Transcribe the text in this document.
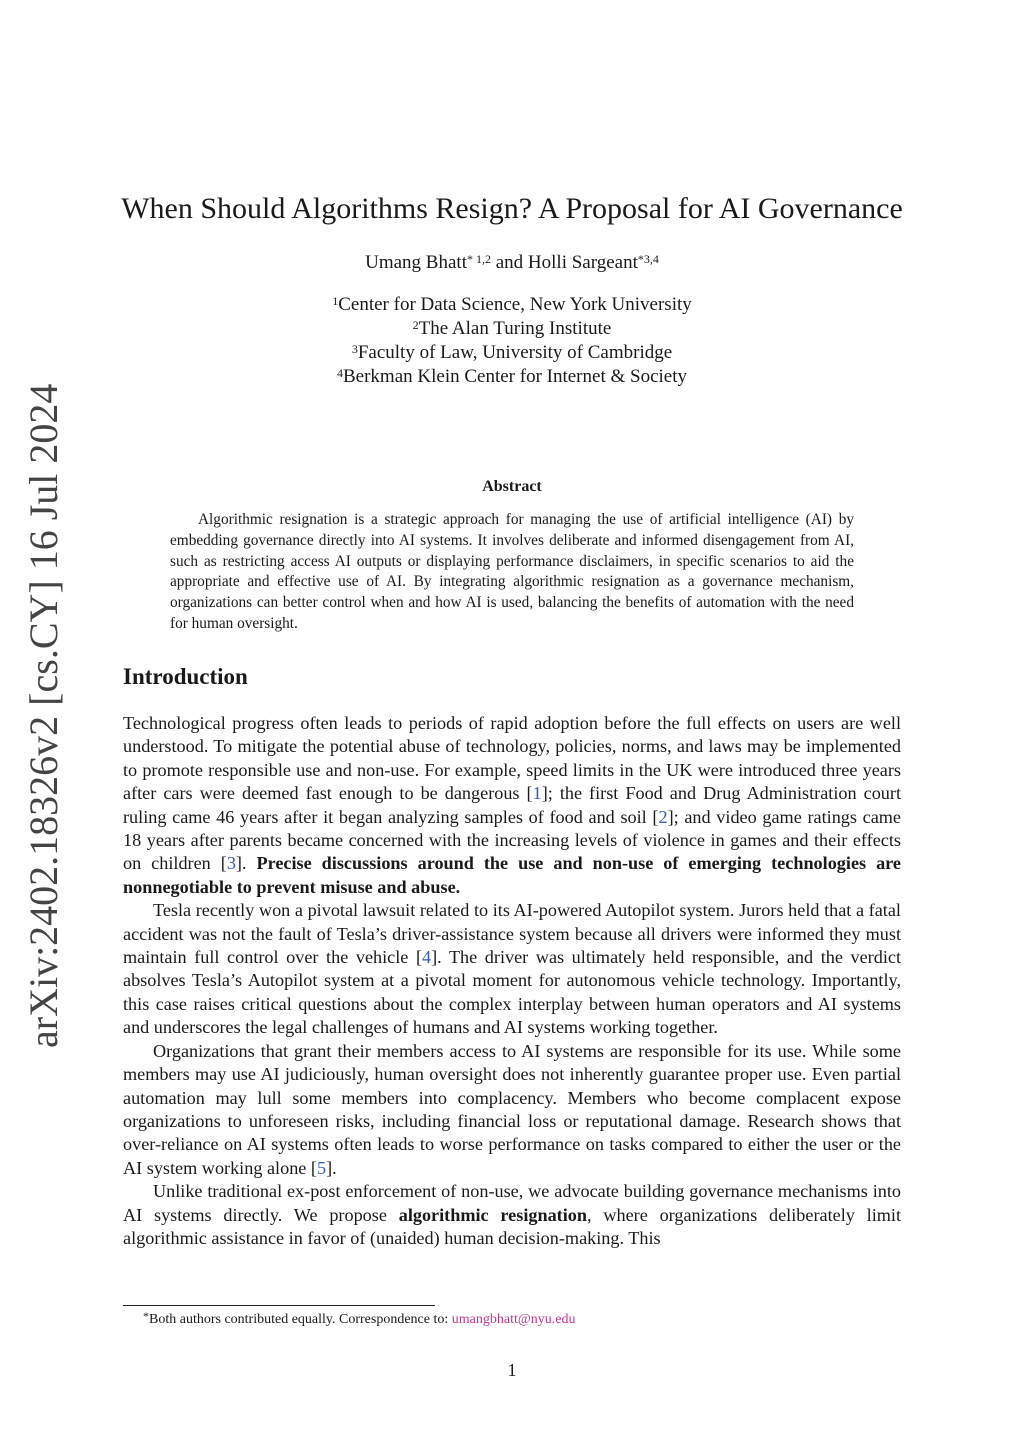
arXiv:2402.18326v2 [cs.CY] 16 Jul 2024
When Should Algorithms Resign? A Proposal for AI Governance
Umang Bhatt$^{* 1,2}$ and Holli Sargeant$^{*3,4}$
$^1$Center for Data Science, New York University
$^2$The Alan Turing Institute
$^3$Faculty of Law, University of Cambridge
$^4$Berkman Klein Center for Internet & Society
Abstract

Algorithmic resignation is a strategic approach for managing the use of artificial intelligence (AI) by embedding governance directly into AI systems. It involves deliberate and informed disengagement from AI, such as restricting access AI outputs or displaying performance disclaimers, in specific scenarios to aid the appropriate and effective use of AI. By integrating algorithmic resignation as a governance mechanism, organizations can better control when and how AI is used, balancing the benefits of automation with the need for human oversight.

Introduction

Technological progress often leads to periods of rapid adoption before the full effects on users are well understood. To mitigate the potential abuse of technology, policies, norms, and laws may be implemented to promote responsible use and non-use. For example, speed limits in the UK were introduced three years after cars were deemed fast enough to be dangerous [1]; the first Food and Drug Administration court ruling came 46 years after it began analyzing samples of food and soil [2]; and video game ratings came 18 years after parents became concerned with the increasing levels of violence in games and their effects on children [3]. Precise discussions around the use and non-use of emerging technologies are nonnegotiable to prevent misuse and abuse.

Tesla recently won a pivotal lawsuit related to its AI-powered Autopilot system. Jurors held that a fatal accident was not the fault of Tesla’s driver-assistance system because all drivers were informed they must maintain full control over the vehicle [4]. The driver was ultimately held responsible, and the verdict absolves Tesla’s Autopilot system at a pivotal moment for autonomous vehicle technology. Importantly, this case raises critical questions about the complex interplay between human operators and AI systems and underscores the legal challenges of humans and AI systems working together.

Organizations that grant their members access to AI systems are responsible for its use. While some members may use AI judiciously, human oversight does not inherently guarantee proper use. Even partial automation may lull some members into complacency. Members who become complacent expose organizations to unforeseen risks, including financial loss or reputational damage. Research shows that over-reliance on AI systems often leads to worse performance on tasks compared to either the user or the AI system working alone [5].

Unlike traditional ex-post enforcement of non-use, we advocate building governance mechanisms into AI systems directly. We propose algorithmic resignation, where organizations deliberately limit algorithmic assistance in favor of (unaided) human decision-making. This

*Both authors contributed equally. Correspondence to: umangbhatt@nyu.edu
1
